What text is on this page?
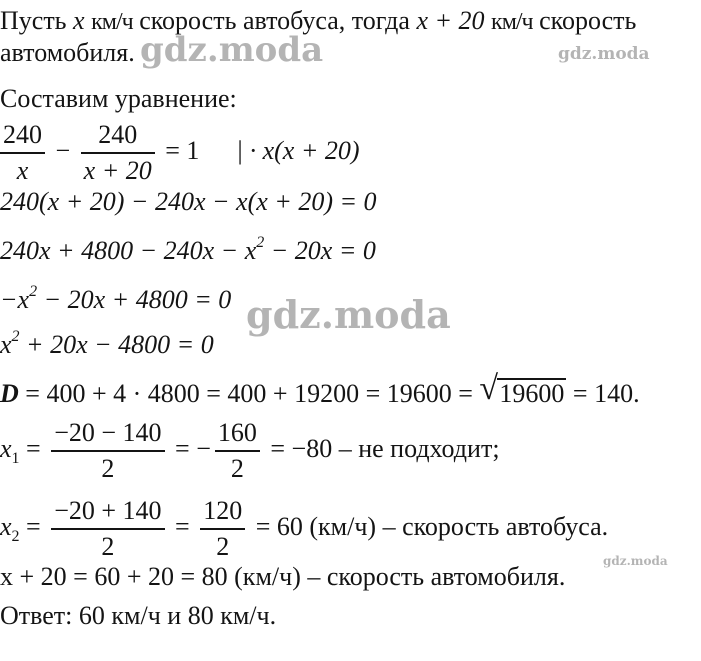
Пусть x км/ч скорость автобуса, тогда x + 20 км/ч скорость
автомобиля. gdz.moda	gdz.moda
Составим уравнение:
$\frac{240}{x} - \frac{240}{x + 20} = 1$ | · x(x + 20)
240(x + 20) − 240x − x(x + 20) = 0
$240x + 4800 - 240x - x^2 - 20x = 0$
$-x^2 - 20x + 4800 = 0$ gdz.moda
$x^2 + 20x - 4800 = 0$
D = 400 + 4 · 4800 = 400 + 19200 = 19600 = √ 19600 = 140.
$x_1 = \frac{-20 - 140}{2}$ = − $\frac{160}{2} = -80$ – не подходит;
$x_2 = \frac{-20 + 140}{2} = \frac{120}{2} = 60$ (км/ч) – скорость автобуса.
x + 20 = 60 + 20 = 80 (км/ч) – скорость автомобиля.
gdz.moda
Ответ: 60 км/ч и 80 км/ч.
